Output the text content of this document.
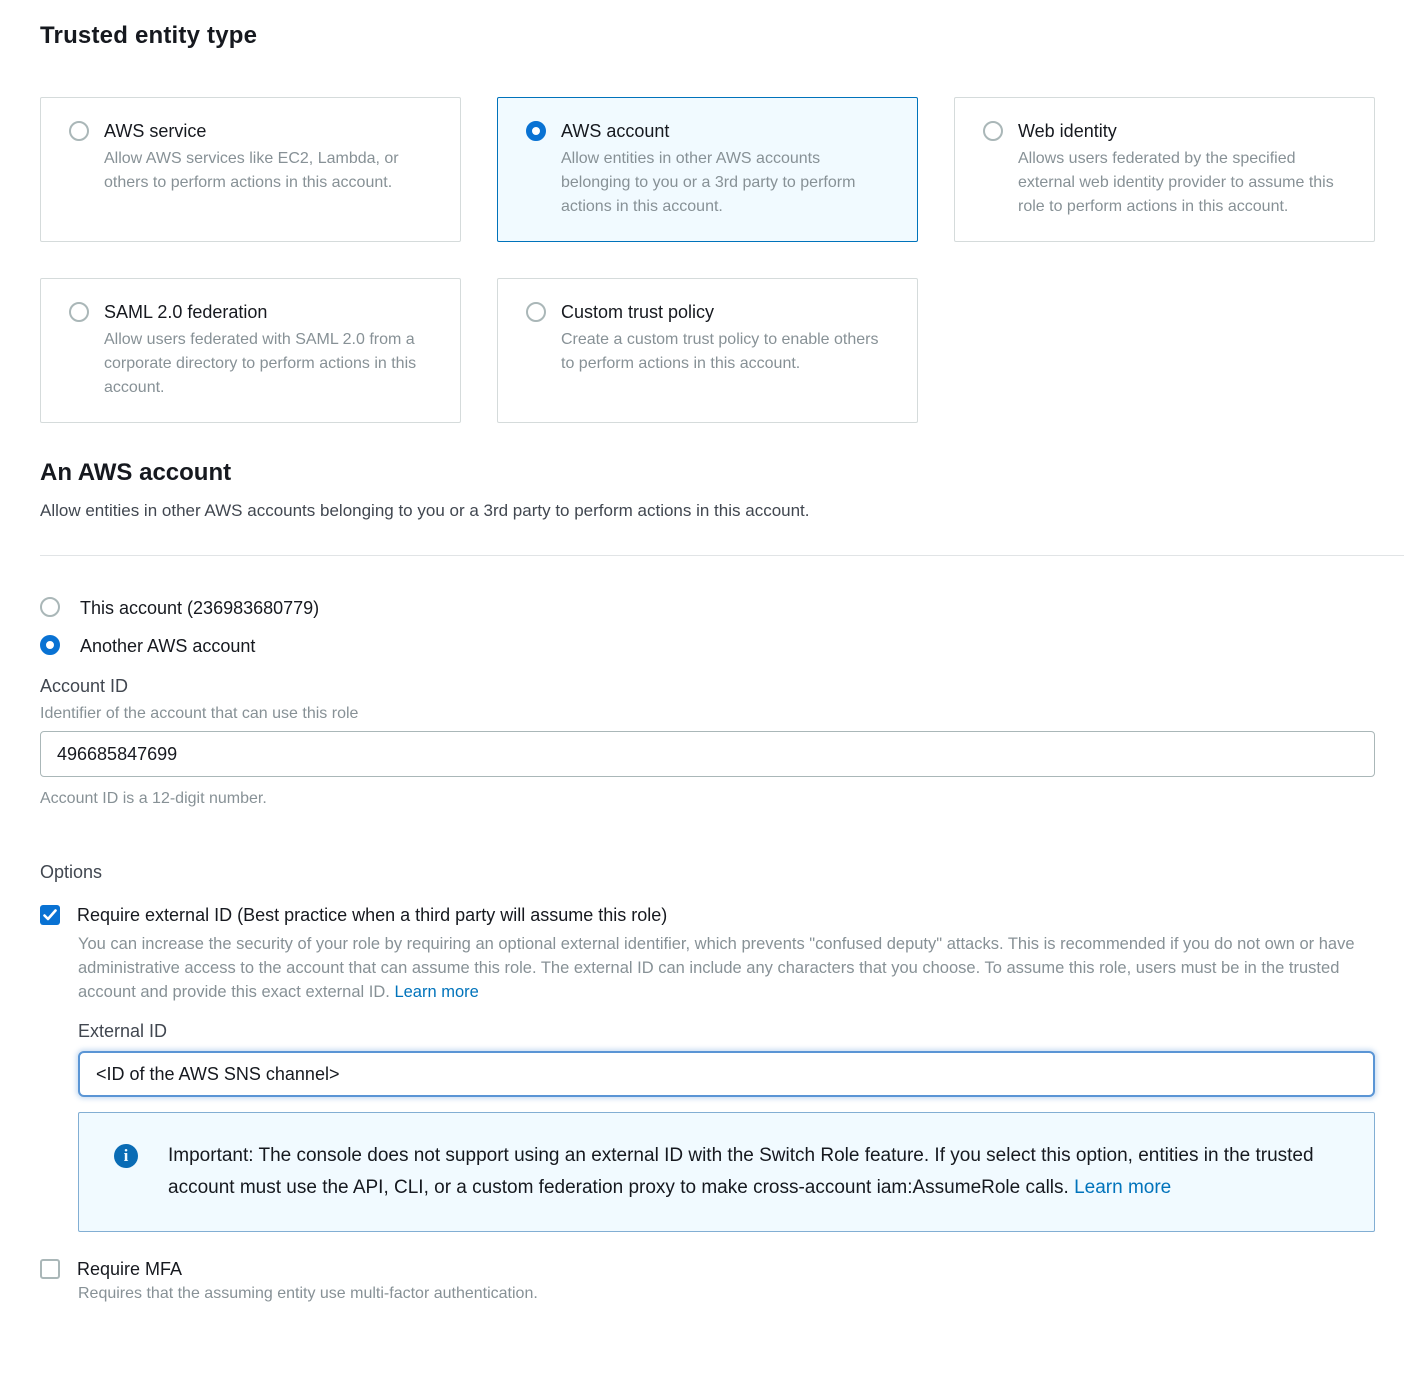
Trusted entity type
AWS service
Allow AWS services like EC2, Lambda, or others to perform actions in this account.
AWS account
Allow entities in other AWS accounts belonging to you or a 3rd party to perform actions in this account.
Web identity
Allows users federated by the specified external web identity provider to assume this role to perform actions in this account.
SAML 2.0 federation
Allow users federated with SAML 2.0 from a corporate directory to perform actions in this account.
Custom trust policy
Create a custom trust policy to enable others to perform actions in this account.
An AWS account
Allow entities in other AWS accounts belonging to you or a 3rd party to perform actions in this account.
This account (236983680779)
Another AWS account
Account ID
Identifier of the account that can use this role
496685847699
Account ID is a 12-digit number.
Options
Require external ID (Best practice when a third party will assume this role)
You can increase the security of your role by requiring an optional external identifier, which prevents "confused deputy" attacks. This is recommended if you do not own or have administrative access to the account that can assume this role. The external ID can include any characters that you choose. To assume this role, users must be in the trusted account and provide this exact external ID. Learn more
External ID
<ID of the AWS SNS channel>
i	Important: The console does not support using an external ID with the Switch Role feature. If you select this option, entities in the trusted account must use the API, CLI, or a custom federation proxy to make cross-account iam:AssumeRole calls. Learn more
Require MFA
Requires that the assuming entity use multi-factor authentication.
